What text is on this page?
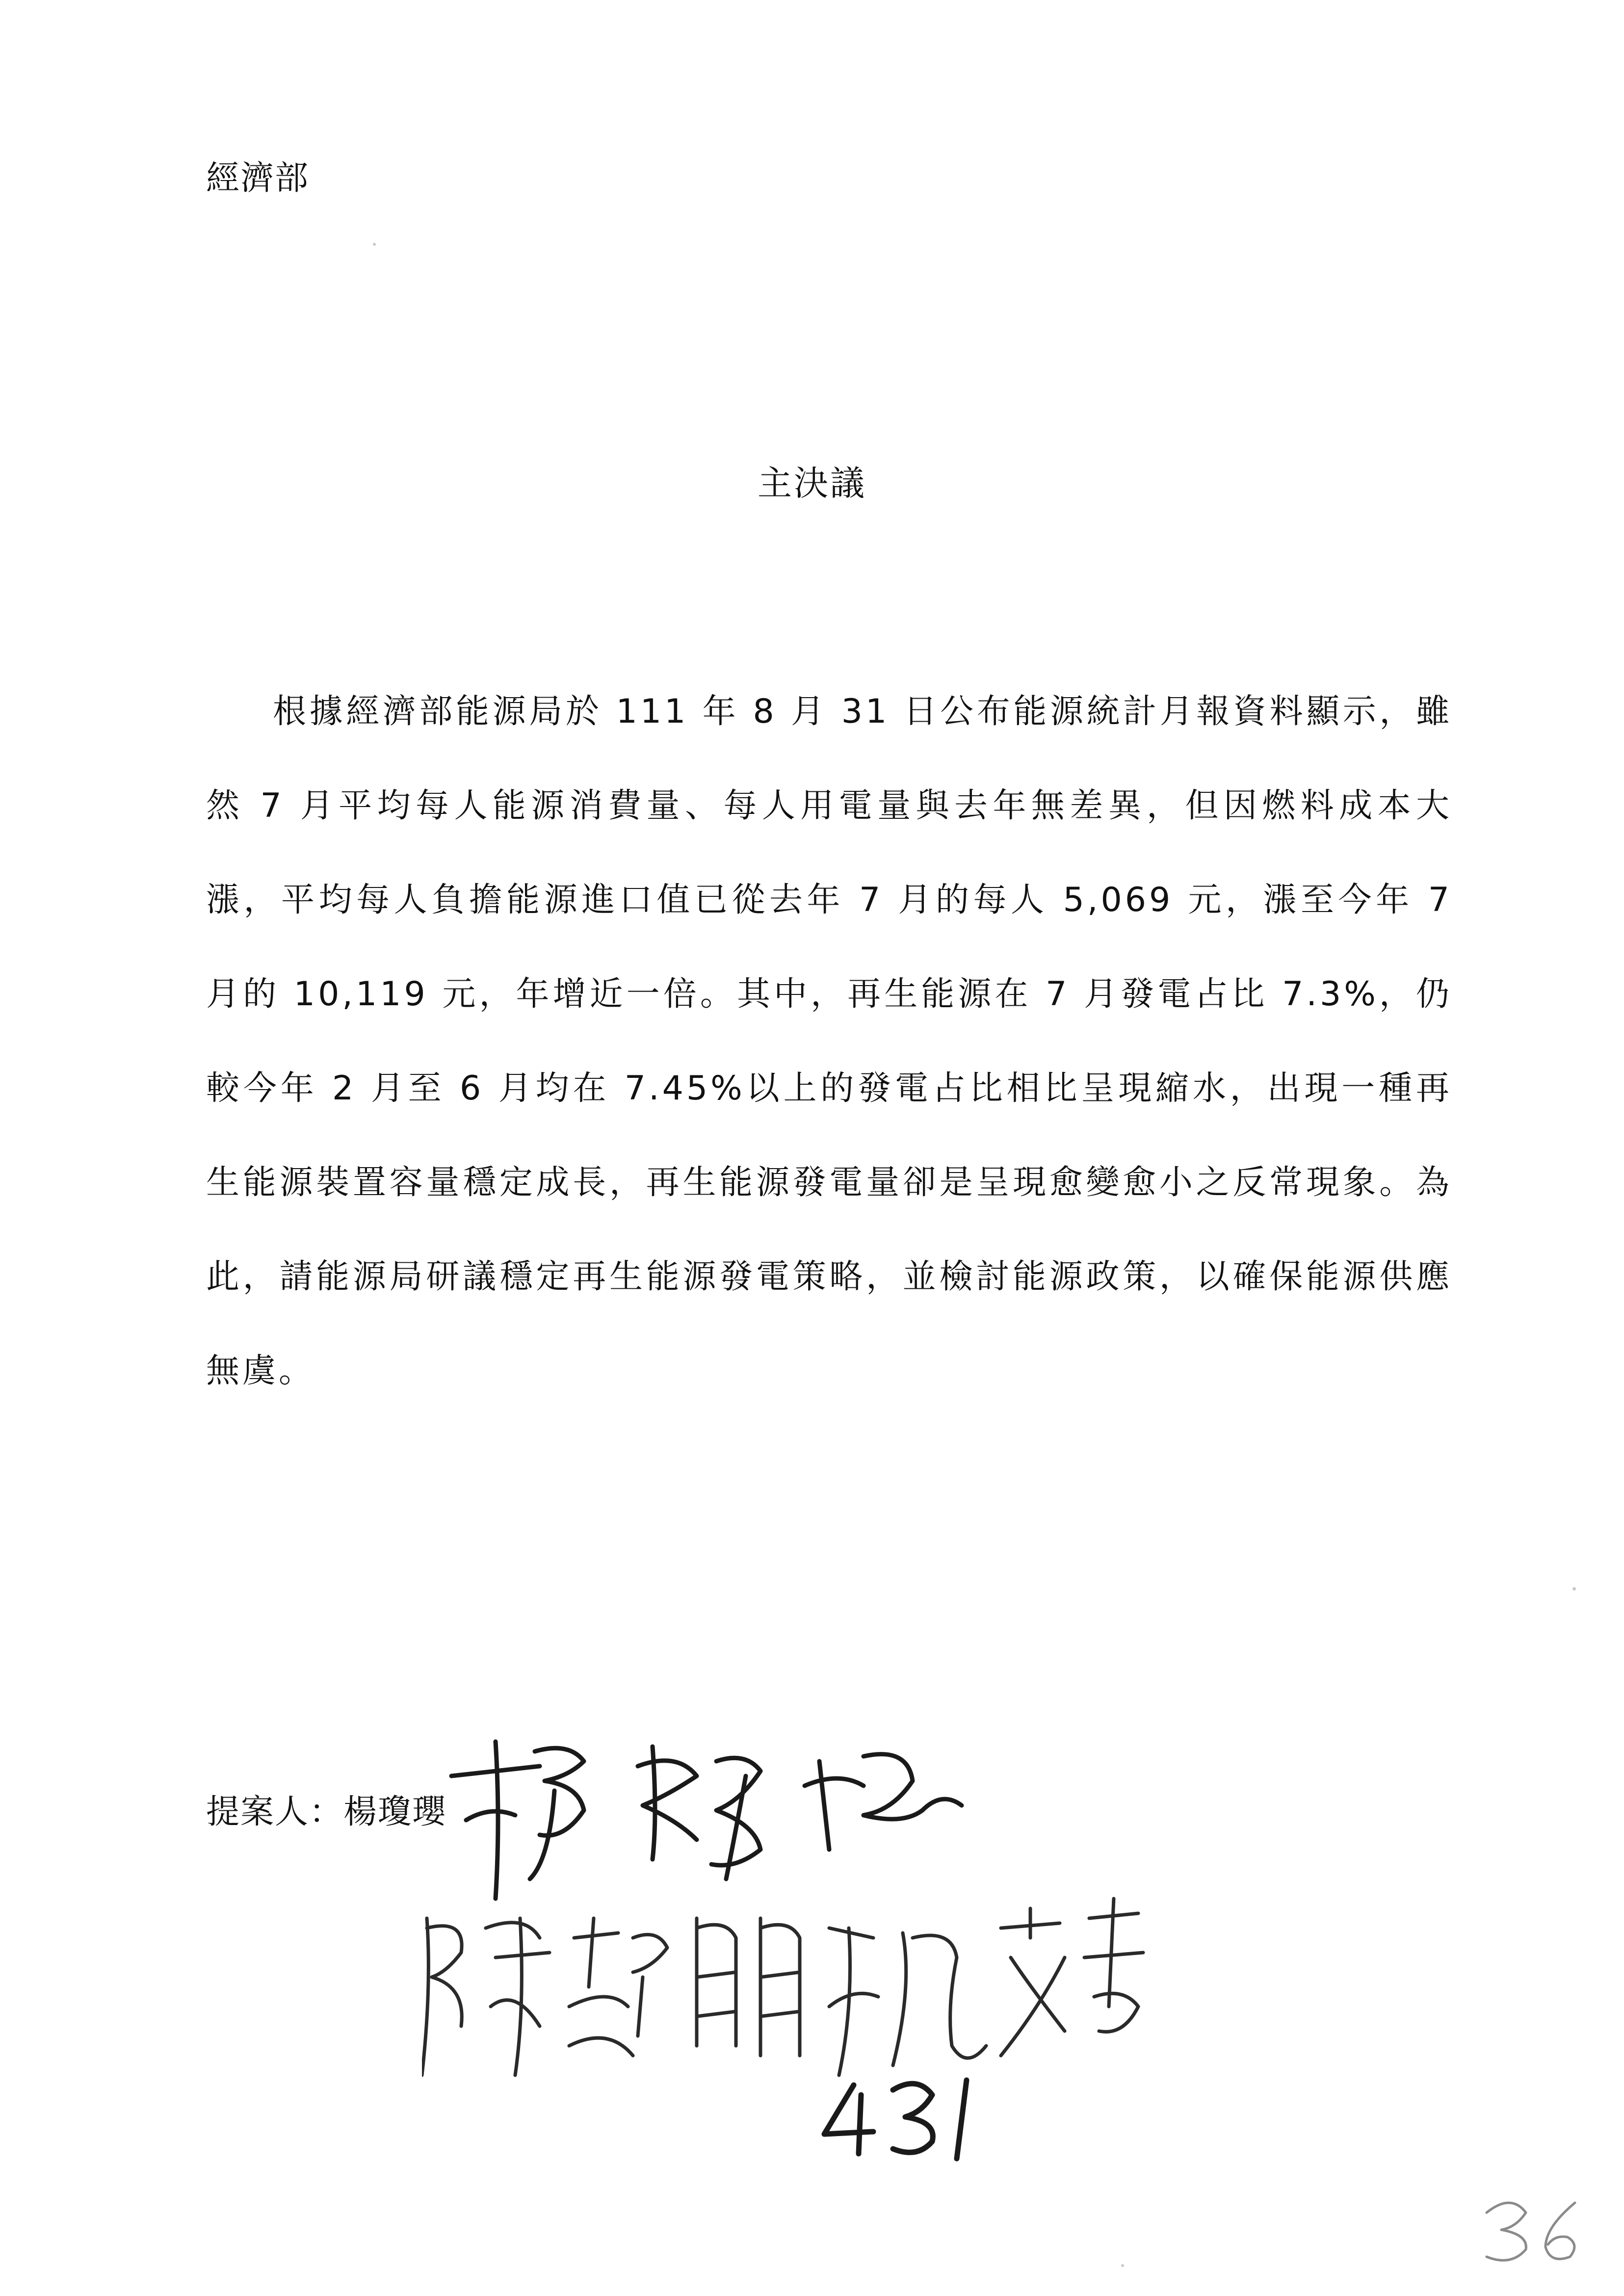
經濟部
主決議
根據經濟部能源局於 111 年 8 月 31 日公布能源統計月報資料顯示，雖然 7 月平均每人能源消費量、每人用電量與去年無差異，但因燃料成本大漲，平均每人負擔能源進口值已從去年 7 月的每人 5,069 元，漲至今年 7 月的 10,119 元，年增近一倍。其中，再生能源在 7 月發電占比 7.3%，仍較今年 2 月至 6 月均在 7.45%以上的發電占比相比呈現縮水，出現一種再生能源裝置容量穩定成長，再生能源發電量卻是呈現愈變愈小之反常現象。為此，請能源局研議穩定再生能源發電策略，並檢討能源政策，以確保能源供應無虞。
提案人：楊瓊瓔
